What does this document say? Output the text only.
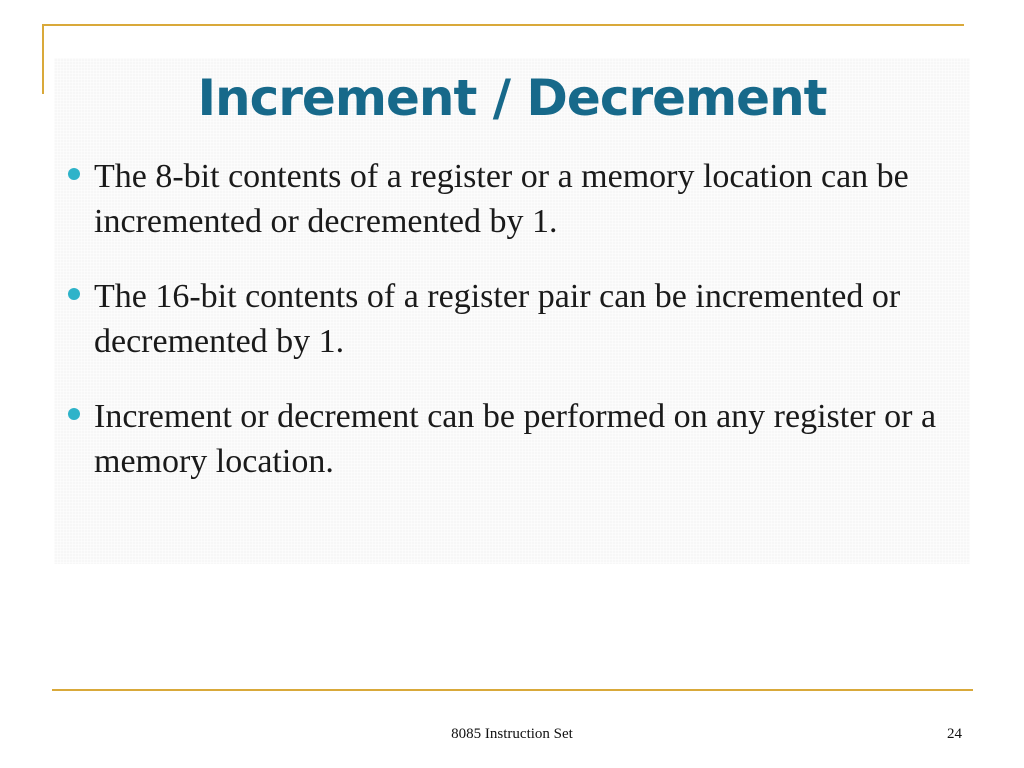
Increment / Decrement
The 8-bit contents of a register or a memory location can be incremented or decremented by 1.
The 16-bit contents of a register pair can be incremented or decremented by 1.
Increment or decrement can be performed on any register or a memory location.
8085 Instruction Set	24
